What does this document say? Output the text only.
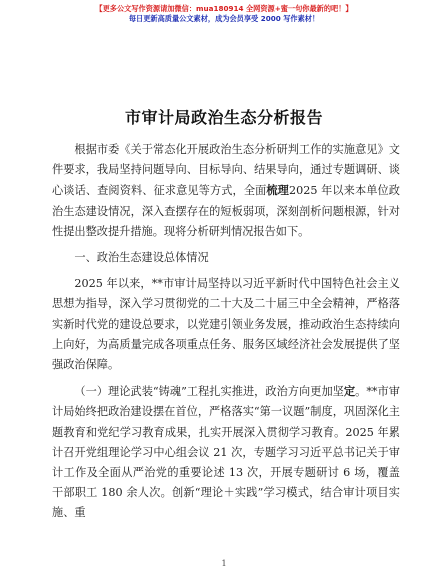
【更多公文写作资源请加微信：mua180914 全网资源+蜜一句你最新的吧！】
每日更新高质量公文素材，成为会员享受 2000 写作素材！
市审计局政治生态分析报告

根据市委《关于常态化开展政治生态分析研判工作的实施意见》文件要求，我局坚持问题导向、目标导向、结果导向，通过专题调研、谈心谈话、查阅资料、征求意见等方式，全面梳理2025 年以来本单位政治生态建设情况，深入查摆存在的短板弱项，深刻剖析问题根源，针对性提出整改提升措施。现将分析研判情况报告如下。

一、政治生态建设总体情况

2025 年以来，**市审计局坚持以习近平新时代中国特色社会主义思想为指导，深入学习贯彻党的二十大及二十届三中全会精神，严格落实新时代党的建设总要求，以党建引领业务发展，推动政治生态持续向上向好，为高质量完成各项重点任务、服务区域经济社会发展提供了坚强政治保障。

（一）理论武装“铸魂”工程扎实推进，政治方向更加坚定。**市审计局始终把政治建设摆在首位，严格落实“第一议题”制度，巩固深化主题教育和党纪学习教育成果，扎实开展深入贯彻学习教育。2025 年累计召开党组理论学习中心组会议 21 次，专题学习习近平总书记关于审计工作及全面从严治党的重要论述 13 次，开展专题研讨 6 场，覆盖干部职工 180 余人次。创新“理论＋实践”学习模式，结合审计项目实施、重

1
